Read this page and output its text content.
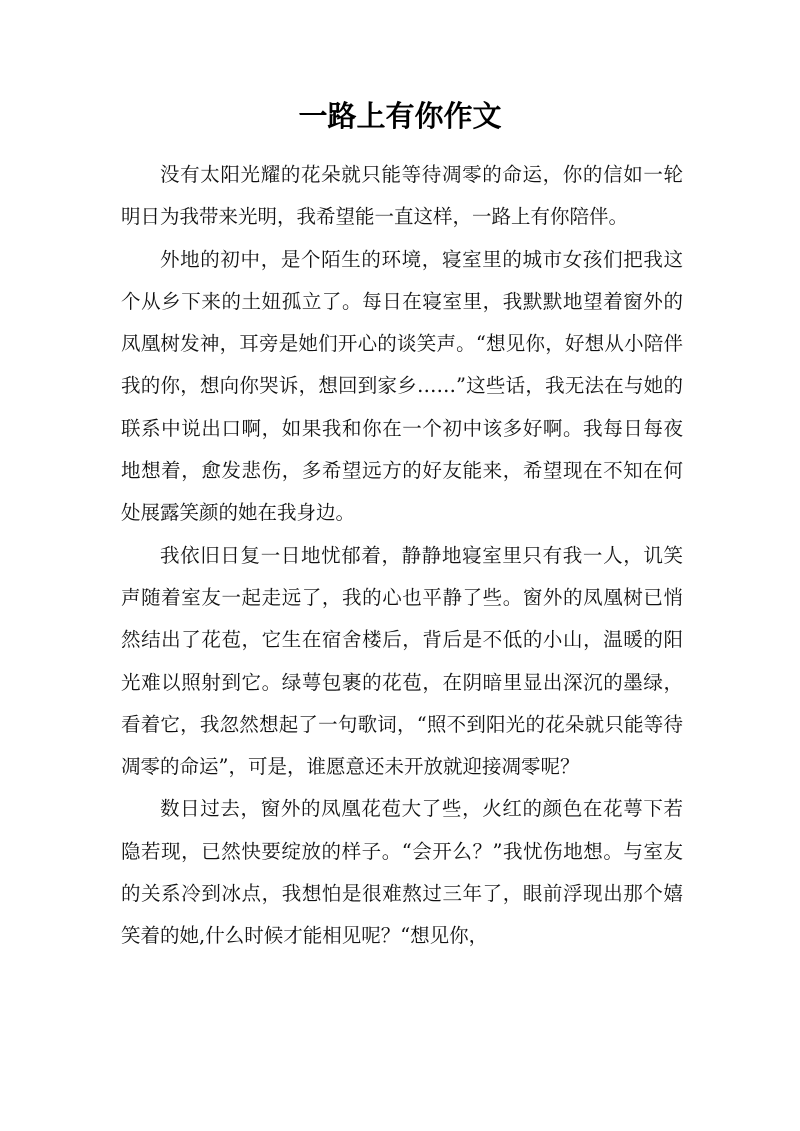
一路上有你作文

没有太阳光耀的花朵就只能等待凋零的命运，你的信如一轮明日为我带来光明，我希望能一直这样，一路上有你陪伴。

外地的初中，是个陌生的环境，寝室里的城市女孩们把我这个从乡下来的土妞孤立了。每日在寝室里，我默默地望着窗外的凤凰树发神，耳旁是她们开心的谈笑声。“想见你，好想从小陪伴我的你，想向你哭诉，想回到家乡……”这些话，我无法在与她的联系中说出口啊，如果我和你在一个初中该多好啊。我每日每夜地想着，愈发悲伤，多希望远方的好友能来，希望现在不知在何处展露笑颜的她在我身边。

我依旧日复一日地忧郁着，静静地寝室里只有我一人，讥笑声随着室友一起走远了，我的心也平静了些。窗外的凤凰树已悄然结出了花苞，它生在宿舍楼后，背后是不低的小山，温暖的阳光难以照射到它。绿萼包裹的花苞，在阴暗里显出深沉的墨绿，看着它，我忽然想起了一句歌词，“照不到阳光的花朵就只能等待凋零的命运”，可是，谁愿意还未开放就迎接凋零呢？

数日过去，窗外的凤凰花苞大了些，火红的颜色在花萼下若隐若现，已然快要绽放的样子。“会开么？”我忧伤地想。与室友的关系冷到冰点，我想怕是很难熬过三年了，眼前浮现出那个嬉笑着的她,什么时候才能相见呢？“想见你，
